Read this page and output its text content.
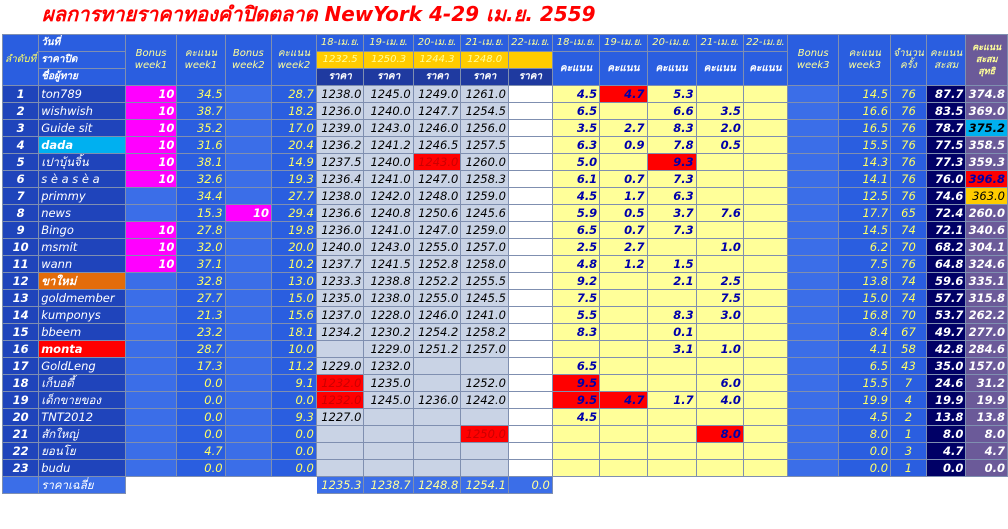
ผลการทายราคาทองคำปิดตลาด NewYork 4-29 เม.ย. 2559
ลำดับที่	วันที่	Bonus week1	คะแนน week1	Bonus week2	คะแนน week2	18-เม.ย.	19-เม.ย.	20-เม.ย.	21-เม.ย.	22-เม.ย.	18-เม.ย.	19-เม.ย.	20-เม.ย.	21-เม.ย.	22-เม.ย.	Bonus week3	คะแนน week3	จำนวนครั้ง	คะแนนสะสม	คะแนนสะสมสุทธิ
	ราคาปิด					1232.5	1250.3	1244.3	1248.0		คะแนน	คะแนน	คะแนน	คะแนน	คะแนน					
	ชื่อผู้ทาย					ราคา	ราคา	ราคา	ราคา	ราคา										
1	ton789	10	34.5		28.7	1238.0	1245.0	1249.0	1261.0		4.5	4.7	5.3				14.5	76	87.7	374.8
2	wishwish	10	38.7		18.2	1236.0	1240.0	1247.7	1254.5		6.5		6.6	3.5			16.6	76	83.5	369.0
3	Guide sit	10	35.2		17.0	1239.0	1243.0	1246.0	1256.0		3.5	2.7	8.3	2.0			16.5	76	78.7	375.2
4	dada	10	31.6		20.4	1236.2	1241.2	1246.5	1257.5		6.3	0.9	7.8	0.5			15.5	76	77.5	358.5
5	เปาบุ้นจิ้น	10	38.1		14.9	1237.5	1240.0	1243.0	1260.0		5.0		9.3				14.3	76	77.3	359.3
6	s è a s è a	10	32.6		19.3	1236.4	1241.0	1247.0	1258.3		6.1	0.7	7.3				14.1	76	76.0	396.8
7	primmy		34.4		27.7	1238.0	1242.0	1248.0	1259.0		4.5	1.7	6.3				12.5	76	74.6	363.0
8	news		15.3	10	29.4	1236.6	1240.8	1250.6	1245.6		5.9	0.5	3.7	7.6			17.7	65	72.4	260.0
9	Bingo	10	27.8		19.8	1236.0	1241.0	1247.0	1259.0		6.5	0.7	7.3				14.5	74	72.1	340.6
10	msmit	10	32.0		20.0	1240.0	1243.0	1255.0	1257.0		2.5	2.7		1.0			6.2	70	68.2	304.1
11	wann	10	37.1		10.2	1237.7	1241.5	1252.8	1258.0		4.8	1.2	1.5				7.5	76	64.8	324.6
12	ขาใหม่		32.8		13.0	1233.3	1238.8	1252.2	1255.5		9.2		2.1	2.5			13.8	74	59.6	335.1
13	goldmember		27.7		15.0	1235.0	1238.0	1255.0	1245.5		7.5			7.5			15.0	74	57.7	315.8
14	kumponys		21.3		15.6	1237.0	1228.0	1246.0	1241.0		5.5		8.3	3.0			16.8	70	53.7	262.2
15	bbeem		23.2		18.1	1234.2	1230.2	1254.2	1258.2		8.3		0.1				8.4	67	49.7	277.0
16	monta		28.7		10.0		1229.0	1251.2	1257.0				3.1	1.0			4.1	58	42.8	284.6
17	GoldLeng		17.3		11.2	1229.0	1232.0				6.5						6.5	43	35.0	157.0
18	เก็บอดี้		0.0		9.1	1232.0	1235.0		1252.0		9.5			6.0			15.5	7	24.6	31.2
19	เด็กขายของ		0.0		0.0	1232.0	1245.0	1236.0	1242.0		9.5	4.7	1.7	4.0			19.9	4	19.9	19.9
20	TNT2012		0.0		9.3	1227.0					4.5						4.5	2	13.8	13.8
21	สักใหญ่		0.0		0.0				1250.0					8.0			8.0	1	8.0	8.0
22	ยอนโย		4.7		0.0												0.0	3	4.7	4.7
23	budu		0.0		0.0												0.0	1	0.0	0.0
	ราคาเฉลี่ย					1235.3	1238.7	1248.8	1254.1	0.0										
